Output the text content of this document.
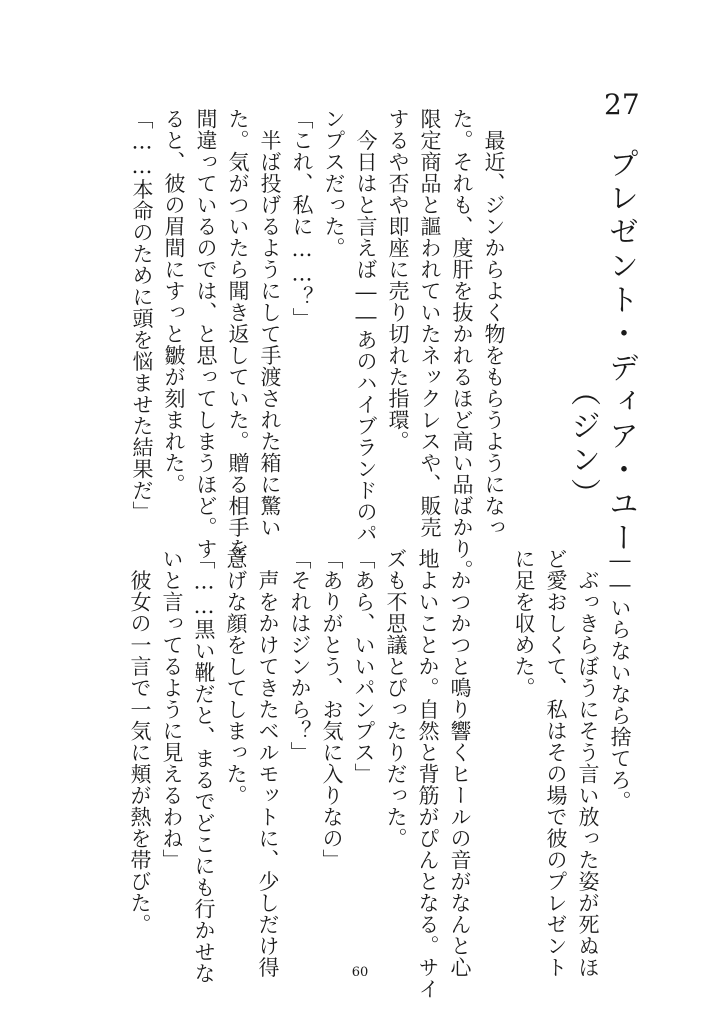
27
プレゼント・ディア・ユー
（ジン）
　最近、ジンからよく物をもらうようになっ
た。それも、度肝を抜かれるほど高い品ばかり。
限定商品と謳われていたネックレスや、販売
するや否や即座に売り切れた指環。
　今日はと言えば――あのハイブランドのパ
ンプスだった。
「これ、私に……？」
　半ば投げるようにして手渡された箱に驚い
た。気がついたら聞き返していた。贈る相手を
間違っているのでは、と思ってしまうほど。す
ると、彼の眉間にすっと皺が刻まれた。
「……本命のために頭を悩ませた結果だ」
――いらないなら捨てろ。
　ぶっきらぼうにそう言い放った姿が死ぬほ
ど愛おしくて、私はその場で彼のプレゼント
に足を収めた。
　かつかつと鳴り響くヒールの音がなんと心
地よいことか。自然と背筋がぴんとなる。サイ
ズも不思議とぴったりだった。
「あら、いいパンプス」
「ありがとう、お気に入りなの」
「それはジンから？」
　声をかけてきたベルモットに、少しだけ得
意げな顔をしてしまった。
「……黒い靴だと、まるでどこにも行かせな
いと言ってるように見えるわね」
　彼女の一言で一気に頬が熱を帯びた。
60
